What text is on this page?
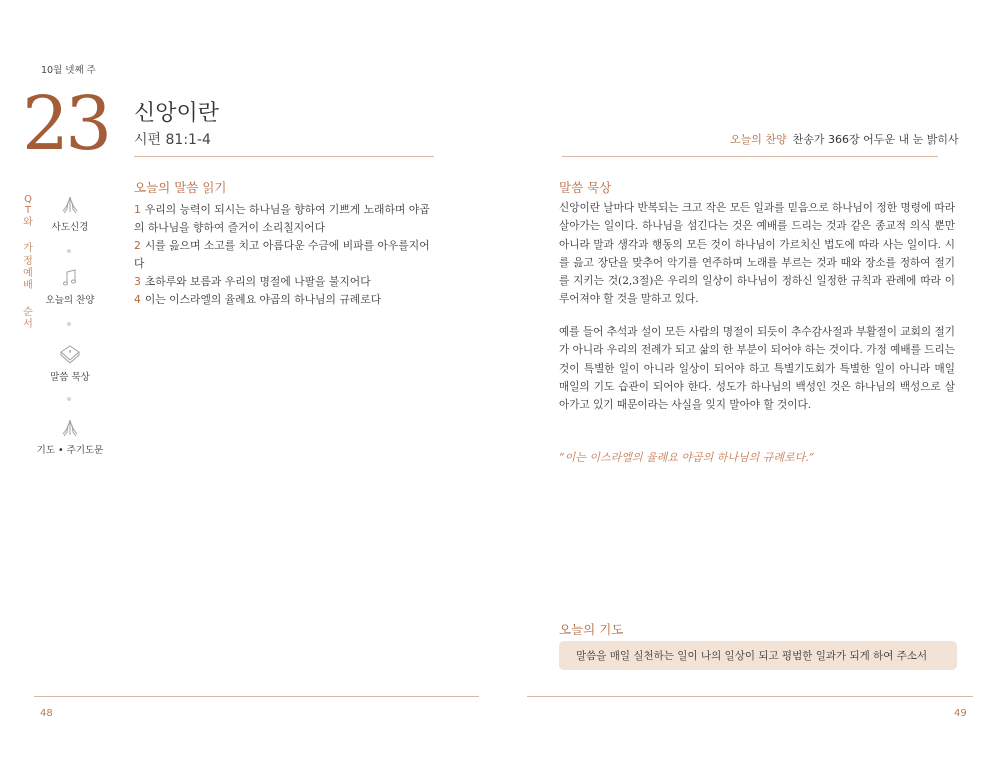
10월 넷째 주
23 신앙이란
시편 81:1-4	오늘의 찬양 찬송가 366장 어두운 내 눈 밝히사
Q
T
와
가
정
예
배
순
서
사도신경
오늘의 찬양
말씀 묵상
기도 • 주기도문
오늘의 말씀 읽기
1 우리의 능력이 되시는 하나님을 향하여 기쁘게 노래하며 야곱의 하나님을 향하여 즐거이 소리칠지어다
2 시를 읊으며 소고를 치고 아름다운 수금에 비파를 아우를지어다
3 초하루와 보름과 우리의 명절에 나팔을 불지어다
4 이는 이스라엘의 율례요 야곱의 하나님의 규례로다
말씀 묵상
신앙이란 날마다 반복되는 크고 작은 모든 일과를 믿음으로 하나님이 정한 명령에 따라 살아가는 일이다. 하나님을 섬긴다는 것은 예배를 드리는 것과 같은 종교적 의식 뿐만 아니라 말과 생각과 행동의 모든 것이 하나님이 가르치신 법도에 따라 사는 일이다. 시를 읊고 장단을 맞추어 악기를 연주하며 노래를 부르는 것과 때와 장소를 정하여 절기를 지키는 것(2,3절)은 우리의 일상이 하나님이 정하신 일정한 규칙과 관례에 따라 이루어져야 할 것을 말하고 있다.
예를 들어 추석과 설이 모든 사람의 명절이 되듯이 추수감사절과 부활절이 교회의 절기가 아니라 우리의 전례가 되고 삶의 한 부분이 되어야 하는 것이다. 가정 예배를 드리는 것이 특별한 일이 아니라 일상이 되어야 하고 특별기도회가 특별한 일이 아니라 매일 매일의 기도 습관이 되어야 한다. 성도가 하나님의 백성인 것은 하나님의 백성으로 살아가고 있기 때문이라는 사실을 잊지 말아야 할 것이다.
“이는 이스라엘의 율례요 야곱의 하나님의 규례로다.”
오늘의 기도
말씀을 매일 실천하는 일이 나의 일상이 되고 평범한 일과가 되게 하여 주소서
48	49
